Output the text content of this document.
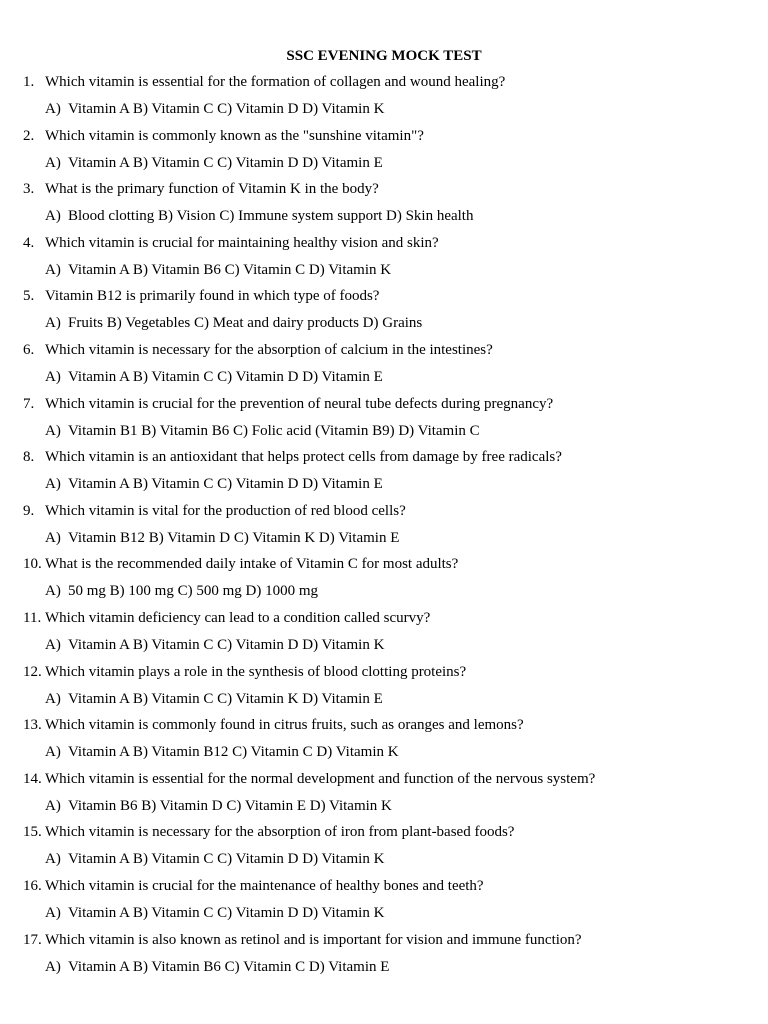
SSC EVENING MOCK TEST
1. Which vitamin is essential for the formation of collagen and wound healing?
A) Vitamin A B) Vitamin C C) Vitamin D D) Vitamin K
2. Which vitamin is commonly known as the "sunshine vitamin"?
A) Vitamin A B) Vitamin C C) Vitamin D D) Vitamin E
3. What is the primary function of Vitamin K in the body?
A) Blood clotting B) Vision C) Immune system support D) Skin health
4. Which vitamin is crucial for maintaining healthy vision and skin?
A) Vitamin A B) Vitamin B6 C) Vitamin C D) Vitamin K
5. Vitamin B12 is primarily found in which type of foods?
A) Fruits B) Vegetables C) Meat and dairy products D) Grains
6. Which vitamin is necessary for the absorption of calcium in the intestines?
A) Vitamin A B) Vitamin C C) Vitamin D D) Vitamin E
7. Which vitamin is crucial for the prevention of neural tube defects during pregnancy?
A) Vitamin B1 B) Vitamin B6 C) Folic acid (Vitamin B9) D) Vitamin C
8. Which vitamin is an antioxidant that helps protect cells from damage by free radicals?
A) Vitamin A B) Vitamin C C) Vitamin D D) Vitamin E
9. Which vitamin is vital for the production of red blood cells?
A) Vitamin B12 B) Vitamin D C) Vitamin K D) Vitamin E
10. What is the recommended daily intake of Vitamin C for most adults?
A) 50 mg B) 100 mg C) 500 mg D) 1000 mg
11. Which vitamin deficiency can lead to a condition called scurvy?
A) Vitamin A B) Vitamin C C) Vitamin D D) Vitamin K
12. Which vitamin plays a role in the synthesis of blood clotting proteins?
A) Vitamin A B) Vitamin C C) Vitamin K D) Vitamin E
13. Which vitamin is commonly found in citrus fruits, such as oranges and lemons?
A) Vitamin A B) Vitamin B12 C) Vitamin C D) Vitamin K
14. Which vitamin is essential for the normal development and function of the nervous system?
A) Vitamin B6 B) Vitamin D C) Vitamin E D) Vitamin K
15. Which vitamin is necessary for the absorption of iron from plant-based foods?
A) Vitamin A B) Vitamin C C) Vitamin D D) Vitamin K
16. Which vitamin is crucial for the maintenance of healthy bones and teeth?
A) Vitamin A B) Vitamin C C) Vitamin D D) Vitamin K
17. Which vitamin is also known as retinol and is important for vision and immune function?
A) Vitamin A B) Vitamin B6 C) Vitamin C D) Vitamin E
